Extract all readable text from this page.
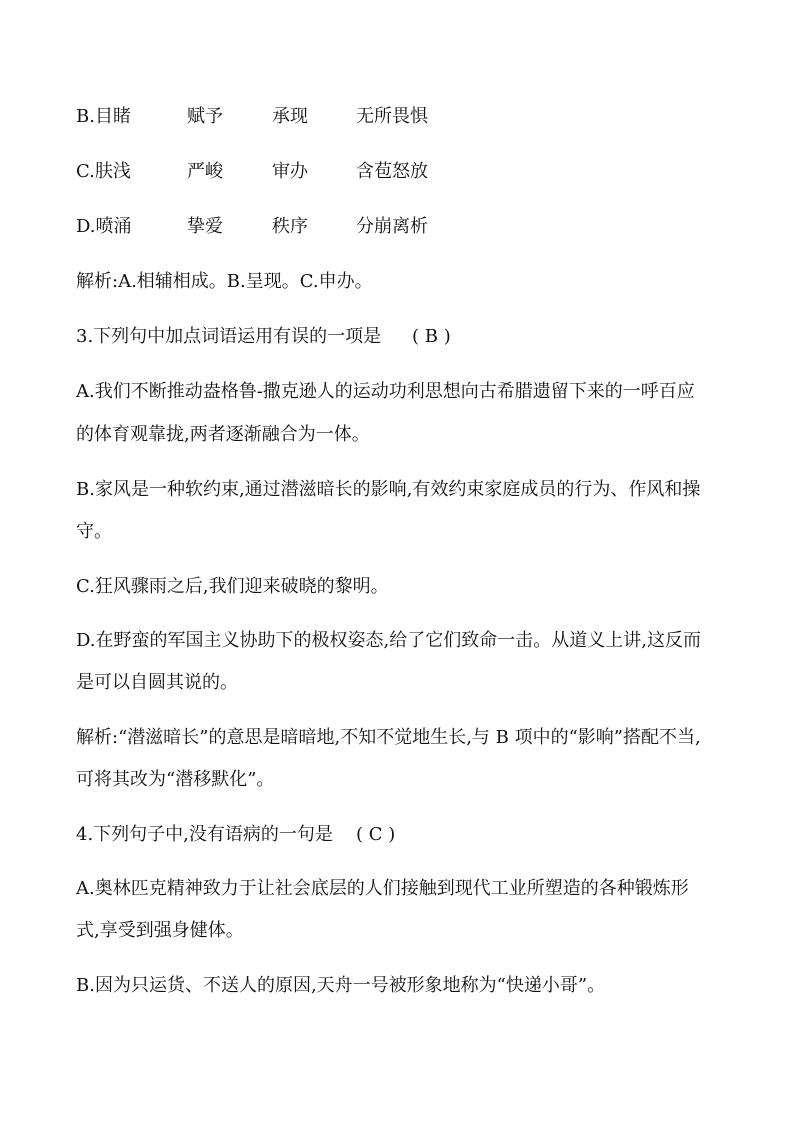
B.目睹	赋予	承现	无所畏惧
C.肤浅	严峻	审办	含苞怒放
D.喷涌	挚爱	秩序	分崩离析
解析:A.相辅相成。B.呈现。C.申办。
3.下列句中加点词语运用有误的一项是 ( B )
A.我们不断推动盎格鲁-撒克逊人的运动功利思想向古希腊遗留下来的一呼百应
的体育观靠拢,两者逐渐融合为一体。
B.家风是一种软约束,通过潜滋暗长的影响,有效约束家庭成员的行为、作风和操
守。
C.狂风骤雨之后,我们迎来破晓的黎明。
D.在野蛮的军国主义协助下的极权姿态,给了它们致命一击。从道义上讲,这反而
是可以自圆其说的。
解析:“潜滋暗长”的意思是暗暗地,不知不觉地生长,与 B 项中的“影响”搭配不当,
可将其改为“潜移默化”。
4.下列句子中,没有语病的一句是 ( C )
A.奥林匹克精神致力于让社会底层的人们接触到现代工业所塑造的各种锻炼形
式,享受到强身健体。
B.因为只运货、不送人的原因,天舟一号被形象地称为“快递小哥”。
